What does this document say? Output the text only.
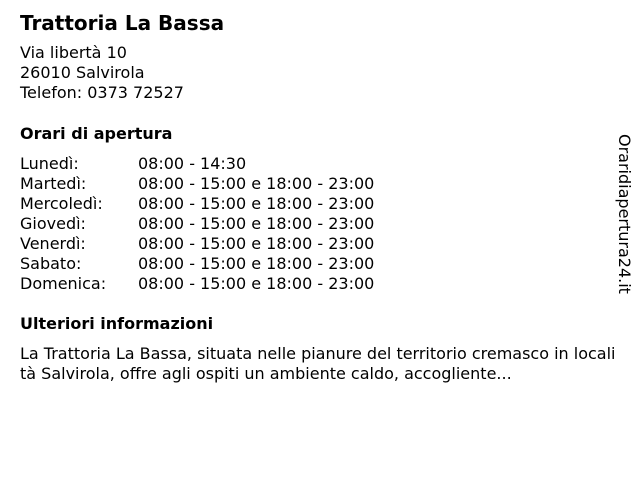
Trattoria La Bassa
Via libertà 10
26010 Salvirola
Telefon: 0373 72527
Orari di apertura
Lunedì:	08:00 - 14:30
Martedì:	08:00 - 15:00 e 18:00 - 23:00
Mercoledì:	08:00 - 15:00 e 18:00 - 23:00
Giovedì:	08:00 - 15:00 e 18:00 - 23:00
Venerdì:	08:00 - 15:00 e 18:00 - 23:00
Sabato:	08:00 - 15:00 e 18:00 - 23:00
Domenica:	08:00 - 15:00 e 18:00 - 23:00
Ulteriori informazioni

La Trattoria La Bassa, situata nelle pianure del territorio cremasco in località Salvirola, offre agli ospiti un ambiente caldo, accogliente...

Oraridiapertura24.it
